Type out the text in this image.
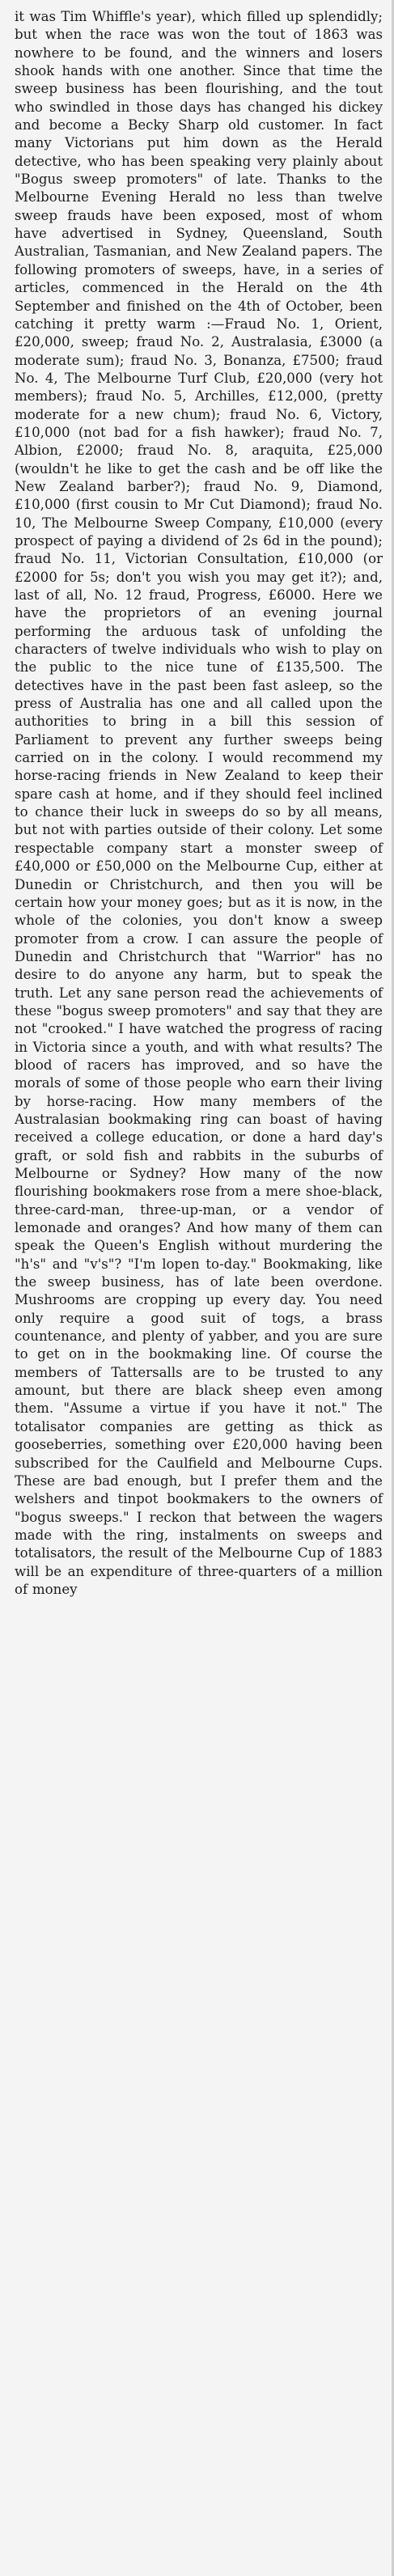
it was Tim Whiffle's year), which filled up splendidly; but when the race was won the tout of 1863 was nowhere to be found, and the winners and losers shook hands with one another. Since that time the sweep business has been flourishing, and the tout who swindled in those days has changed his dickey and become a Becky Sharp old customer. In fact many Victorians put him down as the Herald detective, who has been speaking very plainly about "Bogus sweep promoters" of late. Thanks to the Melbourne Evening Herald no less than twelve sweep frauds have been exposed, most of whom have advertised in Sydney, Queensland, South Australian, Tasmanian, and New Zealand papers. The following promoters of sweeps, have, in a series of articles, commenced in the Herald on the 4th September and finished on the 4th of October, been catching it pretty warm :—Fraud No. 1, Orient, £20,000, sweep; fraud No. 2, Australasia, £3000 (a moderate sum); fraud No. 3, Bonanza, £7500; fraud No. 4, The Melbourne Turf Club, £20,000 (very hot members); fraud No. 5, Archilles, £12,000, (pretty moderate for a new chum); fraud No. 6, Victory, £10,000 (not bad for a fish hawker); fraud No. 7, Albion, £2000; fraud No. 8, araquita, £25,000 (wouldn't he like to get the cash and be off like the New Zealand barber?); fraud No. 9, Diamond, £10,000 (first cousin to Mr Cut Diamond); fraud No. 10, The Melbourne Sweep Company, £10,000 (every prospect of paying a dividend of 2s 6d in the pound); fraud No. 11, Victorian Consultation, £10,000 (or £2000 for 5s; don't you wish you may get it?); and, last of all, No. 12 fraud, Progress, £6000. Here we have the proprietors of an evening journal performing the arduous task of unfolding the characters of twelve individuals who wish to play on the public to the nice tune of £135,500. The detectives have in the past been fast asleep, so the press of Australia has one and all called upon the authorities to bring in a bill this session of Parliament to prevent any further sweeps being carried on in the colony. I would recommend my horse-racing friends in New Zealand to keep their spare cash at home, and if they should feel inclined to chance their luck in sweeps do so by all means, but not with parties outside of their colony. Let some respectable company start a monster sweep of £40,000 or £50,000 on the Melbourne Cup, either at Dunedin or Christchurch, and then you will be certain how your money goes; but as it is now, in the whole of the colonies, you don't know a sweep promoter from a crow. I can assure the people of Dunedin and Christchurch that "Warrior" has no desire to do anyone any harm, but to speak the truth. Let any sane person read the achievements of these "bogus sweep promoters" and say that they are not "crooked." I have watched the progress of racing in Victoria since a youth, and with what results? The blood of racers has improved, and so have the morals of some of those people who earn their living by horse-racing. How many members of the Australasian bookmaking ring can boast of having received a college education, or done a hard day's graft, or sold fish and rabbits in the suburbs of Melbourne or Sydney? How many of the now flourishing bookmakers rose from a mere shoe-black, three-card-man, three-up-man, or a vendor of lemonade and oranges? And how many of them can speak the Queen's English without murdering the "h's" and "v's"? "I'm lopen to-day." Bookmaking, like the sweep business, has of late been overdone. Mushrooms are cropping up every day. You need only require a good suit of togs, a brass countenance, and plenty of yabber, and you are sure to get on in the bookmaking line. Of course the members of Tattersalls are to be trusted to any amount, but there are black sheep even among them. "Assume a virtue if you have it not." The totalisator companies are getting as thick as gooseberries, something over £20,000 having been subscribed for the Caulfield and Melbourne Cups. These are bad enough, but I prefer them and the welshers and tinpot bookmakers to the owners of "bogus sweeps." I reckon that between the wagers made with the ring, instalments on sweeps and totalisators, the result of the Melbourne Cup of 1883 will be an expenditure of three-quarters of a million of money
